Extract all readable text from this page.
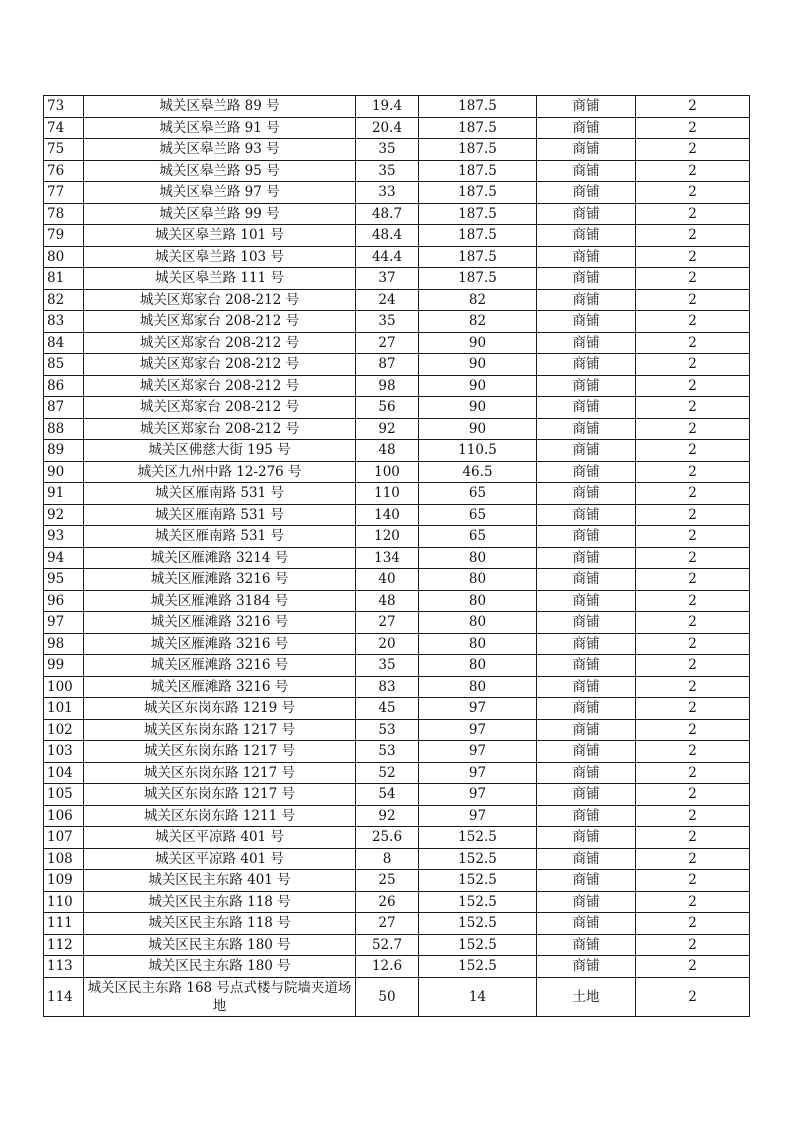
73	城关区皋兰路 89 号	19.4	187.5	商铺	2
74	城关区皋兰路 91 号	20.4	187.5	商铺	2
75	城关区皋兰路 93 号	35	187.5	商铺	2
76	城关区皋兰路 95 号	35	187.5	商铺	2
77	城关区皋兰路 97 号	33	187.5	商铺	2
78	城关区皋兰路 99 号	48.7	187.5	商铺	2
79	城关区皋兰路 101 号	48.4	187.5	商铺	2
80	城关区皋兰路 103 号	44.4	187.5	商铺	2
81	城关区皋兰路 111 号	37	187.5	商铺	2
82	城关区郑家台 208-212 号	24	82	商铺	2
83	城关区郑家台 208-212 号	35	82	商铺	2
84	城关区郑家台 208-212 号	27	90	商铺	2
85	城关区郑家台 208-212 号	87	90	商铺	2
86	城关区郑家台 208-212 号	98	90	商铺	2
87	城关区郑家台 208-212 号	56	90	商铺	2
88	城关区郑家台 208-212 号	92	90	商铺	2
89	城关区佛慈大街 195 号	48	110.5	商铺	2
90	城关区九州中路 12-276 号	100	46.5	商铺	2
91	城关区雁南路 531 号	110	65	商铺	2
92	城关区雁南路 531 号	140	65	商铺	2
93	城关区雁南路 531 号	120	65	商铺	2
94	城关区雁滩路 3214 号	134	80	商铺	2
95	城关区雁滩路 3216 号	40	80	商铺	2
96	城关区雁滩路 3184 号	48	80	商铺	2
97	城关区雁滩路 3216 号	27	80	商铺	2
98	城关区雁滩路 3216 号	20	80	商铺	2
99	城关区雁滩路 3216 号	35	80	商铺	2
100	城关区雁滩路 3216 号	83	80	商铺	2
101	城关区东岗东路 1219 号	45	97	商铺	2
102	城关区东岗东路 1217 号	53	97	商铺	2
103	城关区东岗东路 1217 号	53	97	商铺	2
104	城关区东岗东路 1217 号	52	97	商铺	2
105	城关区东岗东路 1217 号	54	97	商铺	2
106	城关区东岗东路 1211 号	92	97	商铺	2
107	城关区平凉路 401 号	25.6	152.5	商铺	2
108	城关区平凉路 401 号	8	152.5	商铺	2
109	城关区民主东路 401 号	25	152.5	商铺	2
110	城关区民主东路 118 号	26	152.5	商铺	2
111	城关区民主东路 118 号	27	152.5	商铺	2
112	城关区民主东路 180 号	52.7	152.5	商铺	2
113	城关区民主东路 180 号	12.6	152.5	商铺	2
114	城关区民主东路 168 号点式楼与院墙夹道场地	50	14	土地	2
